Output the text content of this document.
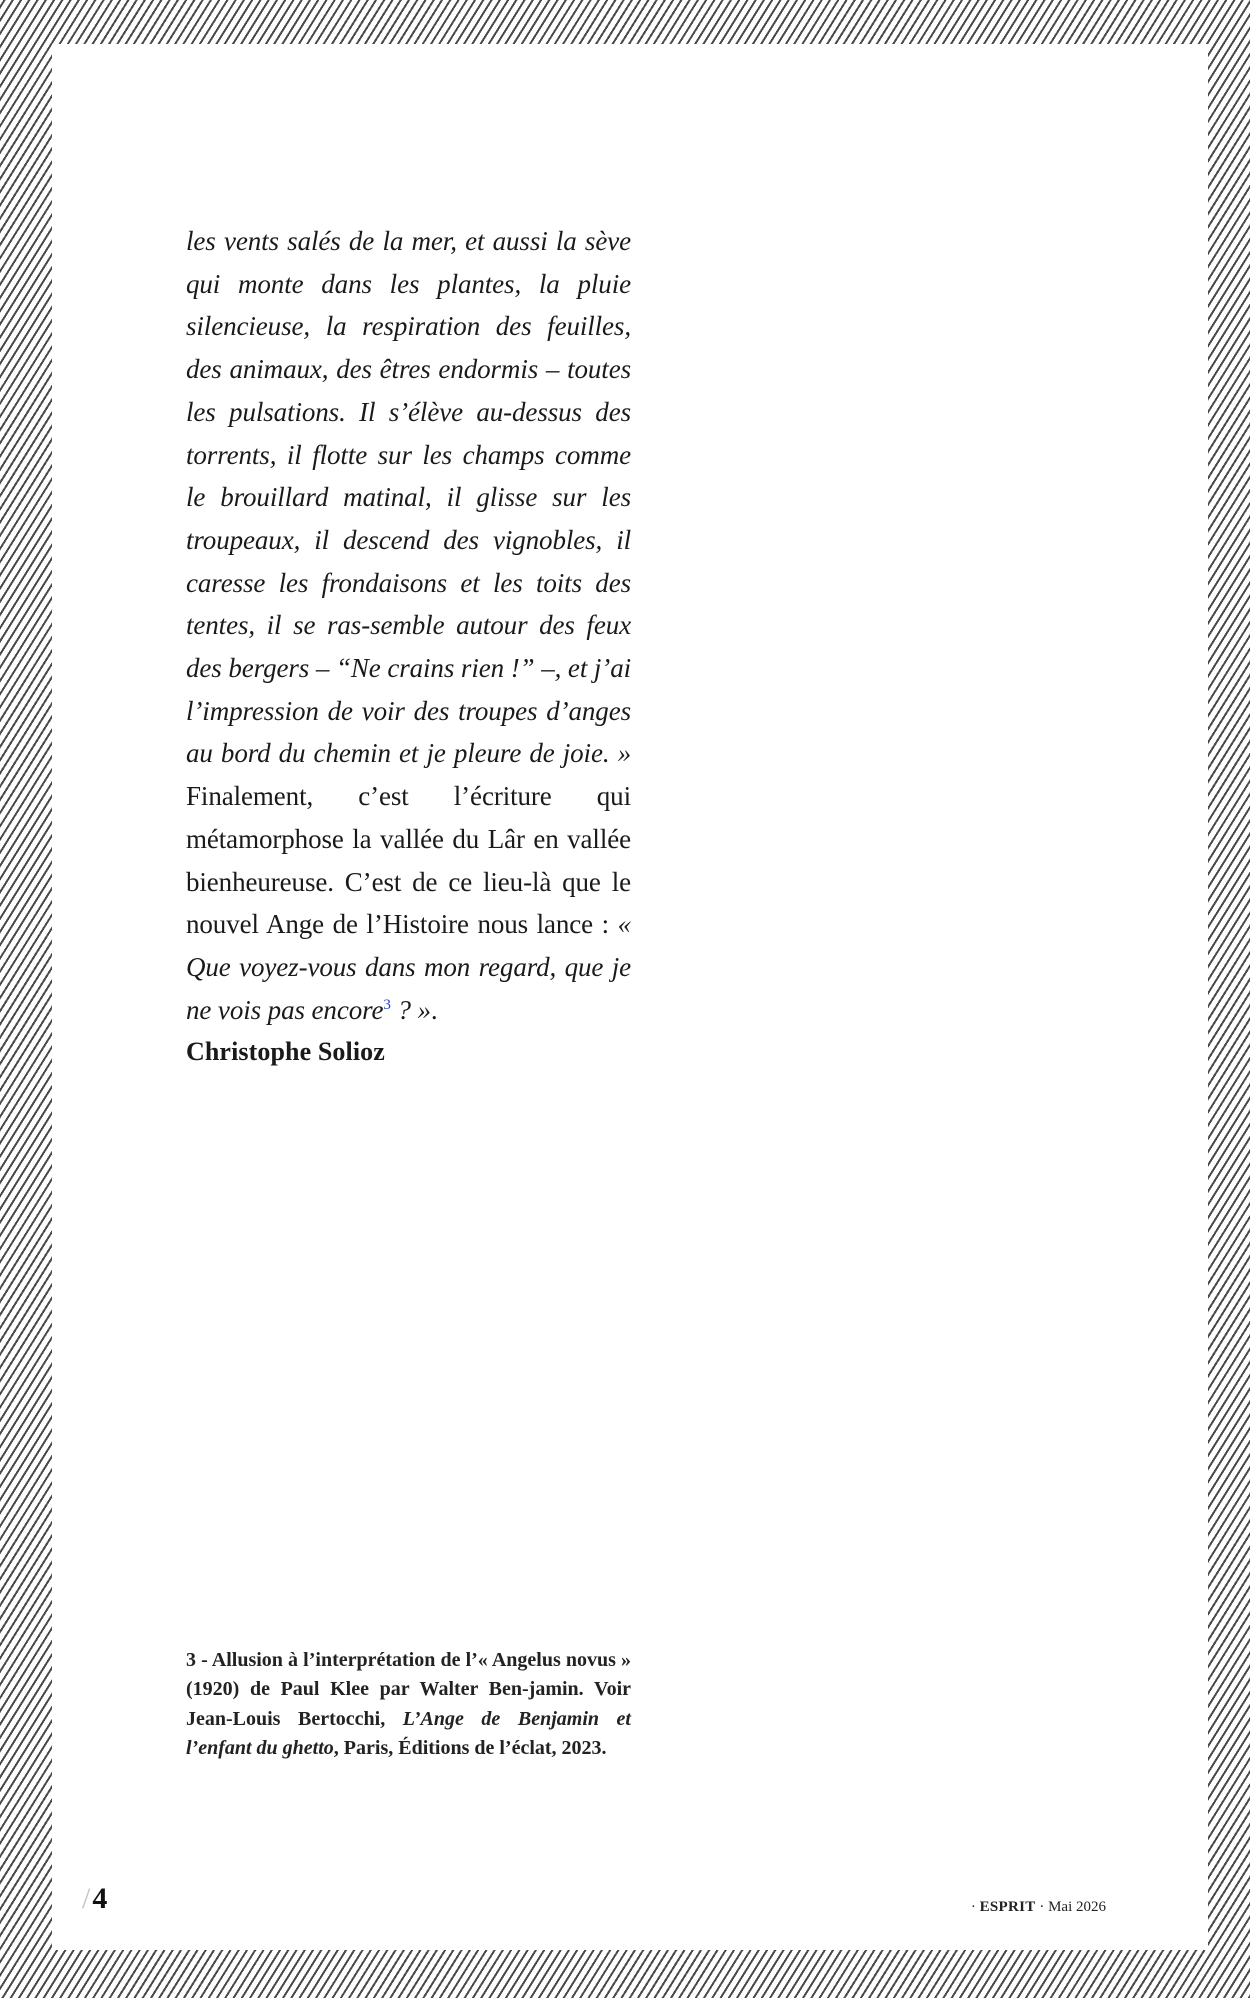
les vents salés de la mer, et aussi la sève qui monte dans les plantes, la pluie silencieuse, la respiration des feuilles, des animaux, des êtres endormis – toutes les pulsations. Il s’élève au-dessus des torrents, il flotte sur les champs comme le brouillard matinal, il glisse sur les troupeaux, il descend des vignobles, il caresse les frondaisons et les toits des tentes, il se ras-semble autour des feux des bergers – “Ne crains rien !” –, et j’ai l’impression de voir des troupes d’anges au bord du chemin et je pleure de joie. » Finalement, c’est l’écriture qui métamorphose la vallée du Lâr en vallée bienheureuse. C’est de ce lieu-là que le nouvel Ange de l’Histoire nous lance : « Que voyez-vous dans mon regard, que je ne vois pas encore$^3$ ? ».

Christophe Solioz

3 - Allusion à l’interprétation de l’« Angelus novus » (1920) de Paul Klee par Walter Ben-jamin. Voir Jean-Louis Bertocchi, L’Ange de Benjamin et l’enfant du ghetto, Paris, Éditions de l’éclat, 2023.
/4	· ESPRIT · Mai 2026
